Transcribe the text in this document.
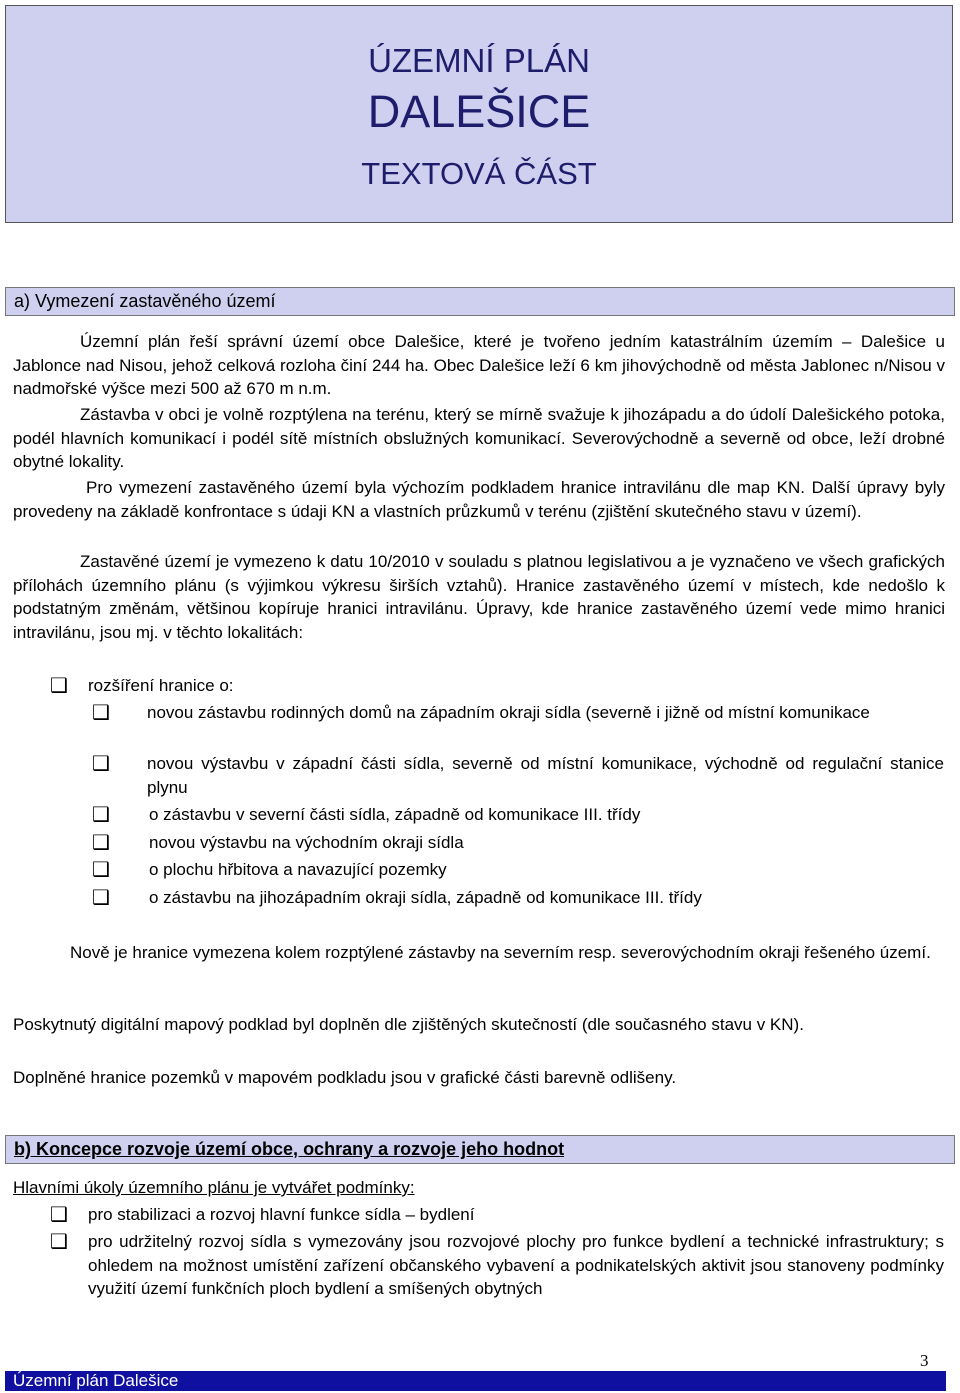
ÚZEMNÍ PLÁN
DALEŠICE
TEXTOVÁ ČÁST
a) Vymezení zastavěného území

Územní plán řeší správní území obce Dalešice, které je tvořeno jedním katastrálním územím – Dalešice u Jablonce nad Nisou, jehož celková rozloha činí 244 ha. Obec Dalešice leží 6 km jihovýchodně od města Jablonec n/Nisou v nadmořské výšce mezi 500 až 670 m n.m.

Zástavba v obci je volně rozptýlena na terénu, který se mírně svažuje k jihozápadu a do údolí Dalešického potoka, podél hlavních komunikací i podél sítě místních obslužných komunikací. Severovýchodně a severně od obce, leží drobné obytné lokality.

Pro vymezení zastavěného území byla výchozím podkladem hranice intravilánu dle map KN. Další úpravy byly provedeny na základě konfrontace s údaji KN a vlastních průzkumů v terénu (zjištění skutečného stavu v území).

Zastavěné území je vymezeno k datu 10/2010 v souladu s platnou legislativou a je vyznačeno ve všech grafických přílohách územního plánu (s výjimkou výkresu širších vztahů). Hranice zastavěného území v místech, kde nedošlo k podstatným změnám, většinou kopíruje hranici intravilánu. Úpravy, kde hranice zastavěného území vede mimo hranici intravilánu, jsou mj. v těchto lokalitách:

❑ rozšíření hranice o:
❑ novou zástavbu rodinných domů na západním okraji sídla (severně i jižně od místní komunikace
❑ novou výstavbu v západní části sídla, severně od místní komunikace, východně od regulační stanice plynu
❑ o zástavbu v severní části sídla, západně od komunikace III. třídy
❑ novou výstavbu na východním okraji sídla
❑ o plochu hřbitova a navazující pozemky
❑ o zástavbu na jihozápadním okraji sídla, západně od komunikace III. třídy

Nově je hranice vymezena kolem rozptýlené zástavby na severním resp. severovýchodním okraji řešeného území.

Poskytnutý digitální mapový podklad byl doplněn dle zjištěných skutečností (dle současného stavu v KN).

Doplněné hranice pozemků v mapovém podkladu jsou v grafické části barevně odlišeny.

b) Koncepce rozvoje území obce, ochrany a rozvoje jeho hodnot

Hlavními úkoly územního plánu je vytvářet podmínky:

❑ pro stabilizaci a rozvoj hlavní funkce sídla – bydlení
❑ pro udržitelný rozvoj sídla s vymezovány jsou rozvojové plochy pro funkce bydlení a technické infrastruktury; s ohledem na možnost umístění zařízení občanského vybavení a podnikatelských aktivit jsou stanoveny podmínky využití území funkčních ploch bydlení a smíšených obytných
3
Územní plán Dalešice
